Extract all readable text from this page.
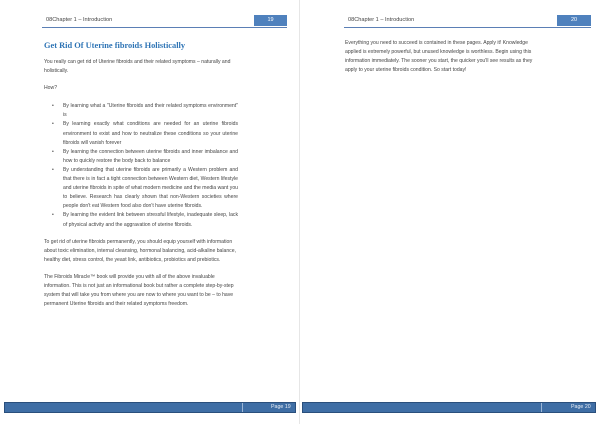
08Chapter 1 – Introduction	19
Get Rid Of Uterine fibroids Holistically

You really can get rid of Uterine fibroids and their related symptoms – naturally and holistically.

How?

• By learning what a "Uterine fibroids and their related symptoms environment" is
• By learning exactly what conditions are needed for an uterine fibroids environment to exist and how to neutralize these conditions so your uterine fibroids will vanish forever
• By learning the connection between uterine fibroids and inner imbalance and how to quickly restore the body back to balance
• By understanding that uterine fibroids are primarily a Western problem and that there is in fact a tight connection between Western diet, Western lifestyle and uterine fibroids in spite of what modern medicine and the media want you to believe. Research has clearly shown that non-Western societies where people don't eat Western food also don't have uterine fibroids.
• By learning the evident link between stressful lifestyle, inadequate sleep, lack of physical activity and the aggravation of uterine fibroids.

To get rid of uterine fibroids permanently, you should equip yourself with information about toxic elimination, internal cleansing, hormonal balancing, acid-alkaline balance, healthy diet, stress control, the yeast link, antibiotics, probiotics and prebiotics.

The Fibroids Miracle™ book will provide you with all of the above invaluable information. This is not just an informational book but rather a complete step-by-step system that will take you from where you are now to where you want to be – to have permanent Uterine fibroids and their related symptoms freedom.

Page 19
08Chapter 1 – Introduction	20

Everything you need to succeed is contained in these pages. Apply it! Knowledge applied is extremely powerful, but unused knowledge is worthless. Begin using this information immediately. The sooner you start, the quicker you'll see results as they apply to your uterine fibroids condition. So start today!

Page 20
